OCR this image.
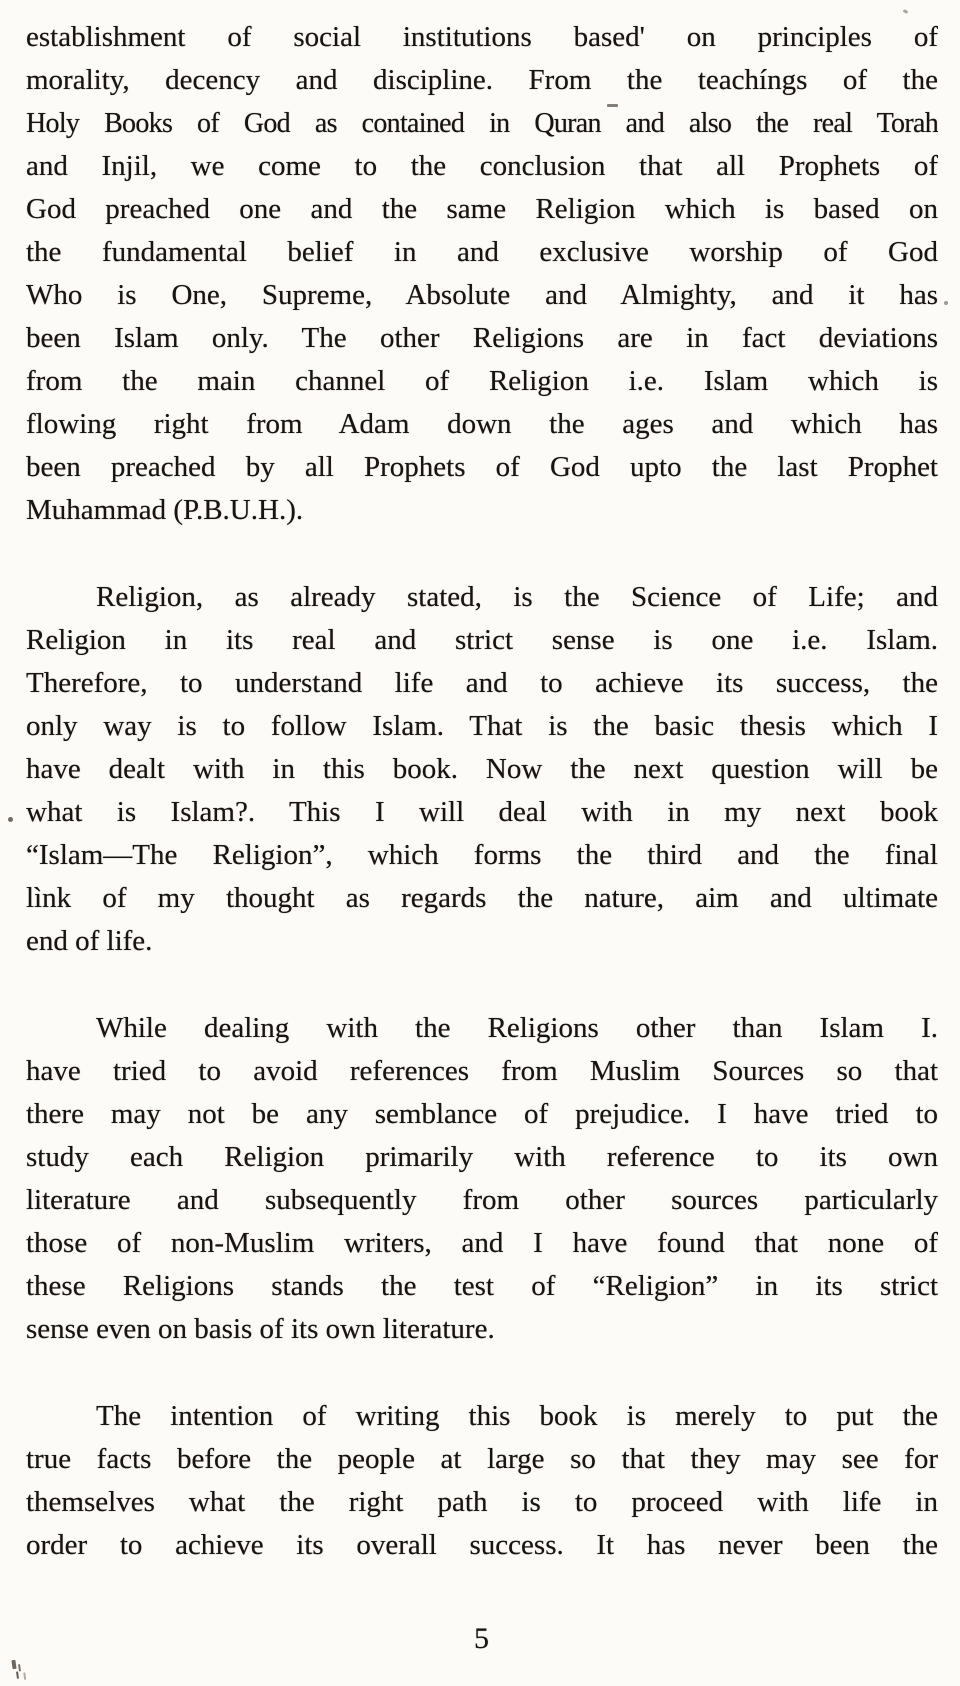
establishment of social institutions based' on principles of
morality, decency and discipline. From the teachíngs of the
Holy Books of God as contained in Quran and also the real Torah
and Injil, we come to the conclusion that all Prophets of
God preached one and the same Religion which is based on
the fundamental belief in and exclusive worship of God
Who is One, Supreme, Absolute and Almighty, and it has
been Islam only. The other Religions are in fact deviations
from the main channel of Religion i.e. Islam which is
flowing right from Adam down the ages and which has
been preached by all Prophets of God upto the last Prophet
Muhammad (P.B.U.H.).
Religion, as already stated, is the Science of Life; and
Religion in its real and strict sense is one i.e. Islam.
Therefore, to understand life and to achieve its success, the
only way is to follow Islam. That is the basic thesis which I
have dealt with in this book. Now the next question will be
what is Islam?. This I will deal with in my next book
“Islam—The Religion”, which forms the third and the final
lìnk of my thought as regards the nature, aim and ultimate
end of life.
While dealing with the Religions other than Islam I.
have tried to avoid references from Muslim Sources so that
there may not be any semblance of prejudice. I have tried to
study each Religion primarily with reference to its own
literature and subsequently from other sources particularly
those of non-Muslim writers, and I have found that none of
these Religions stands the test of “Religion” in its strict
sense even on basis of its own literature.
The intention of writing this book is merely to put the
true facts before the people at large so that they may see for
themselves what the right path is to proceed with life in
order to achieve its overall success. It has never been the
5
